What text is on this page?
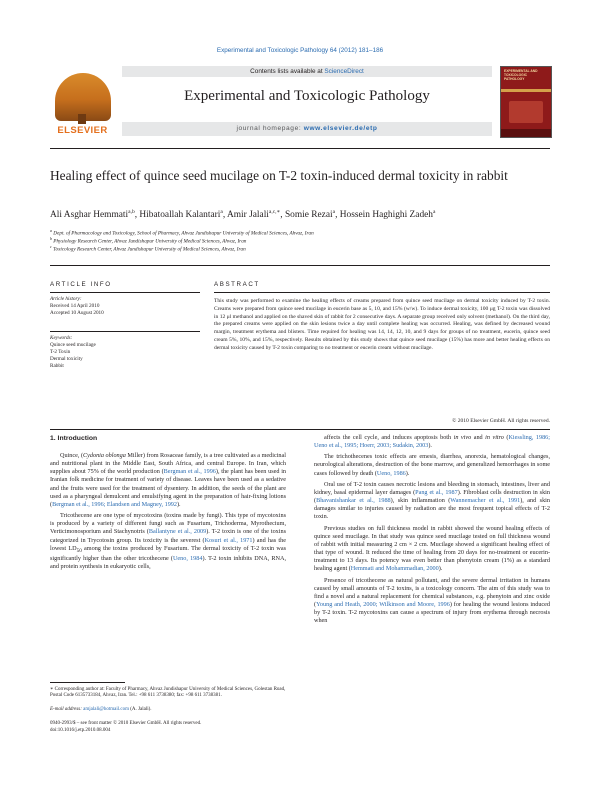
Experimental and Toxicologic Pathology 64 (2012) 181–186
ELSEVIER
Contents lists available at ScienceDirect
Experimental and Toxicologic Pathology
journal homepage: www.elsevier.de/etp
EXPERIMENTAL AND TOXICOLOGIC PATHOLOGY
Healing effect of quince seed mucilage on T-2 toxin-induced dermal toxicity in rabbit
Ali Asghar Hemmati$^{a,b}$, Hibatoallah Kalantari$^a$, Amir Jalali$^{a,c,∗}$, Somie Rezai$^a$, Hossein Haghighi Zadeh$^a$
$^a$ Dept. of Pharmacology and Toxicology, School of Pharmacy, Ahvaz Jundishapur University of Medical Sciences, Ahvaz, Iran
$^b$ Physiology Research Center, Ahvaz Jundishapur University of Medical Sciences, Ahvaz, Iran
$^c$ Toxicology Research Center, Ahvaz Jundishapur University of Medical Sciences, Ahvaz, Iran
ARTICLE INFO
Article history:
Received 14 April 2010
Accepted 10 August 2010
Keywords:
Quince seed mucilage
T-2 Toxin
Dermal toxicity
Rabbit
ABSTRACT
This study was performed to examine the healing effects of creams prepared from quince seed mucilage on dermal toxicity induced by T-2 toxin. Creams were prepared from quince seed mucilage in eucerin base as 5, 10, and 15% (w/w). To induce dermal toxicity, 100 μg T-2 toxin was dissolved in 12 μl methanol and applied on the shaved skin of rabbit for 2 consecutive days. A separate group received only solvent (methanol). On the third day, the prepared creams were applied on the skin lesions twice a day until complete healing was occurred. Healing, was defined by decreased wound margin, treatment erythema and blisters. Time required for healing was 14, 14, 12, 10, and 9 days for groups of no treatment, eucerin, quince seed cream 5%, 10%, and 15%, respectively. Results obtained by this study shows that quince seed mucilage (15%) has more and better healing effects on dermal toxicity caused by T-2 toxin comparing to no treatment or eucerin cream without mucilage.
© 2010 Elsevier GmbH. All rights reserved.
1. Introduction

Quince, (Cydonia oblonga Miller) from Rosaceae family, is a tree cultivated as a medicinal and nutritional plant in the Middle East, South Africa, and central Europe. In Iran, which supplies about 75% of the world production (Bergman et al., 1996), the plant has been used in Iranian folk medicine for treatment of variety of disease. Leaves have been used as a sedative and the fruits were used for the treatment of dysentery. In addition, the seeds of the plant are used as a pharyngeal demulcent and emulsifying agent in the preparation of hair-fixing lotions (Bergman et al., 1996; Elandsen and Magney, 1992).

Tricothecene are one type of mycotoxins (toxins made by fungi). This type of mycotoxins is produced by a variety of different fungi such as Fusarium, Trichoderma, Myrothecium, Verticimonosporium and Stachynotris (Ballantyne et al., 2009). T-2 toxin is one of the toxins categorized in Trycotosin group. Its toxicity is the severest (Kosuri et al., 1971) and has the lowest $LD_{50}$ among the toxins produced by Fusarium. The dermal toxicity of T-2 toxin was significantly higher than the other tricothecene (Ueno, 1984). T-2 toxin inhibits DNA, RNA, and protein synthesis in eukaryotic cells,

affects the cell cycle, and induces apoptosis both in vivo and in vitro (Kiessling, 1986; Ueno et al., 1995; Hoerr, 2003; Sudakin, 2003).

The trichothecenes toxic effects are emesis, diarrhea, anorexia, hematological changes, neurological alterations, destruction of the bone marrow, and generalized hemorrhages in some cases followed by death (Ueno, 1986).

Oral use of T-2 toxin causes necrotic lesions and bleeding in stomach, intestines, liver and kidney, basal epidermal layer damages (Pang et al., 1987). Fibroblast cells destruction in skin (Bhavanishankar et al., 1988), skin inflammation (Wannemacher et al., 1991), and skin damages similar to injuries caused by radiation are the most frequent topical effects of T-2 toxin.

Previous studies on full thickness model in rabbit showed the wound healing effects of quince seed mucilage. In that study was quince seed mucilage tested on full thickness wound of rabbit with initial measuring 2 cm × 2 cm. Mucilage showed a significant healing effect of that type of wound. It reduced the time of healing from 20 days for no-treatment or eucerin-treatment to 13 days. Its potency was even better than phenytoin cream (1%) as a standard healing agent (Hemmati and Mohammadian, 2000).

Presence of tricothecene as natural pollutant, and the severe dermal irritation in humans caused by small amounts of T-2 toxins, is a toxicology concern. The aim of this study was to find a novel and a natural replacement for chemical substances, e.g. phenytoin and zinc oxide (Young and Heath, 2000; Wilkinson and Moore, 1996) for healing the wound lesions induced by T-2 toxin. T-2 mycotoxins can cause a spectrum of injury from erythema through necrosis when

∗ Corresponding author at: Faculty of Pharmacy, Ahvaz Jundishapur University of Medical Sciences, Golestan Road, Postal Code 6135733184, Ahvaz, Iran. Tel.: +98 611 3738380; fax: +98 611 3738381.
E-mail address: amjalali@hotmail.com (A. Jalali).
0940-2993/$ – see front matter © 2010 Elsevier GmbH. All rights reserved.
doi:10.1016/j.etp.2010.08.004
